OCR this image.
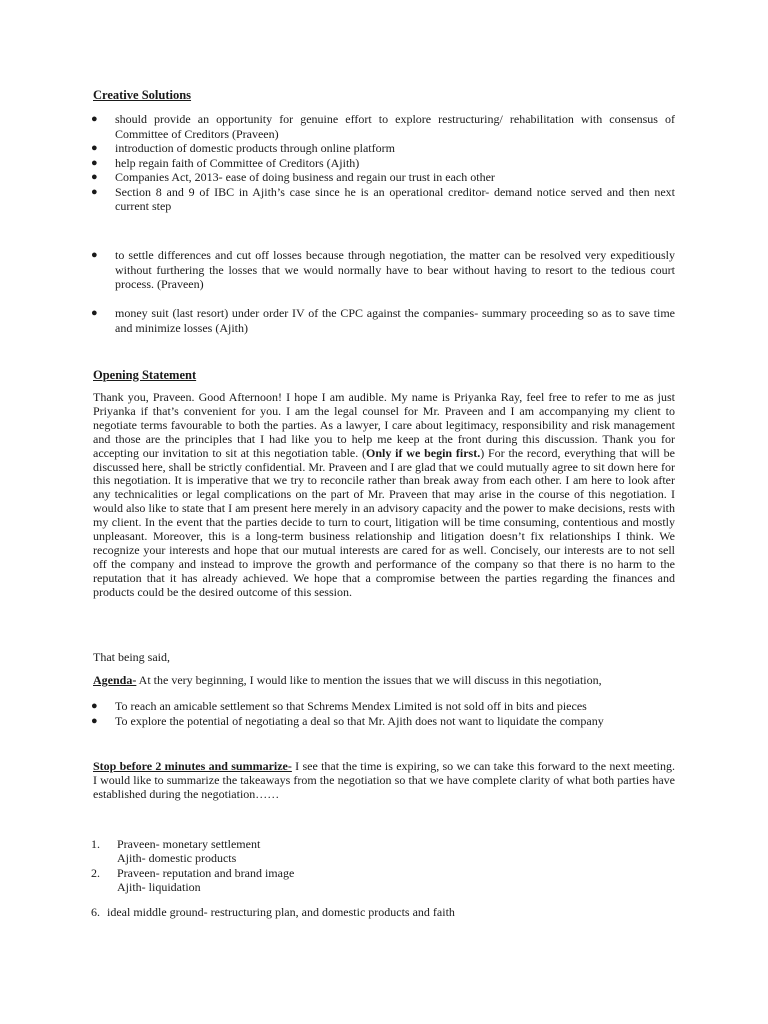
Creative Solutions
● should provide an opportunity for genuine effort to explore restructuring/ rehabilitation with consensus of Committee of Creditors (Praveen)
● introduction of domestic products through online platform
● help regain faith of Committee of Creditors (Ajith)
● Companies Act, 2013- ease of doing business and regain our trust in each other
● Section 8 and 9 of IBC in Ajith’s case since he is an operational creditor- demand notice served and then next current step
● to settle differences and cut off losses because through negotiation, the matter can be resolved very expeditiously without furthering the losses that we would normally have to bear without having to resort to the tedious court process. (Praveen)
● money suit (last resort) under order IV of the CPC against the companies- summary proceeding so as to save time and minimize losses (Ajith)
Opening Statement

Thank you, Praveen. Good Afternoon! I hope I am audible. My name is Priyanka Ray, feel free to refer to me as just Priyanka if that’s convenient for you. I am the legal counsel for Mr. Praveen and I am accompanying my client to negotiate terms favourable to both the parties. As a lawyer, I care about legitimacy, responsibility and risk management and those are the principles that I had like you to help me keep at the front during this discussion. Thank you for accepting our invitation to sit at this negotiation table. (Only if we begin first.) For the record, everything that will be discussed here, shall be strictly confidential. Mr. Praveen and I are glad that we could mutually agree to sit down here for this negotiation. It is imperative that we try to reconcile rather than break away from each other. I am here to look after any technicalities or legal complications on the part of Mr. Praveen that may arise in the course of this negotiation. I would also like to state that I am present here merely in an advisory capacity and the power to make decisions, rests with my client. In the event that the parties decide to turn to court, litigation will be time consuming, contentious and mostly unpleasant. Moreover, this is a long-term business relationship and litigation doesn’t fix relationships I think. We recognize your interests and hope that our mutual interests are cared for as well. Concisely, our interests are to not sell off the company and instead to improve the growth and performance of the company so that there is no harm to the reputation that it has already achieved. We hope that a compromise between the parties regarding the finances and products could be the desired outcome of this session.

That being said,
Agenda- At the very beginning, I would like to mention the issues that we will discuss in this negotiation,
● To reach an amicable settlement so that Schrems Mendex Limited is not sold off in bits and pieces
● To explore the potential of negotiating a deal so that Mr. Ajith does not want to liquidate the company

Stop before 2 minutes and summarize- I see that the time is expiring, so we can take this forward to the next meeting. I would like to summarize the takeaways from the negotiation so that we have complete clarity of what both parties have established during the negotiation……

1. Praveen- monetary settlement
Ajith- domestic products
2. Praveen- reputation and brand image
Ajith- liquidation
6. ideal middle ground- restructuring plan, and domestic products and faith
